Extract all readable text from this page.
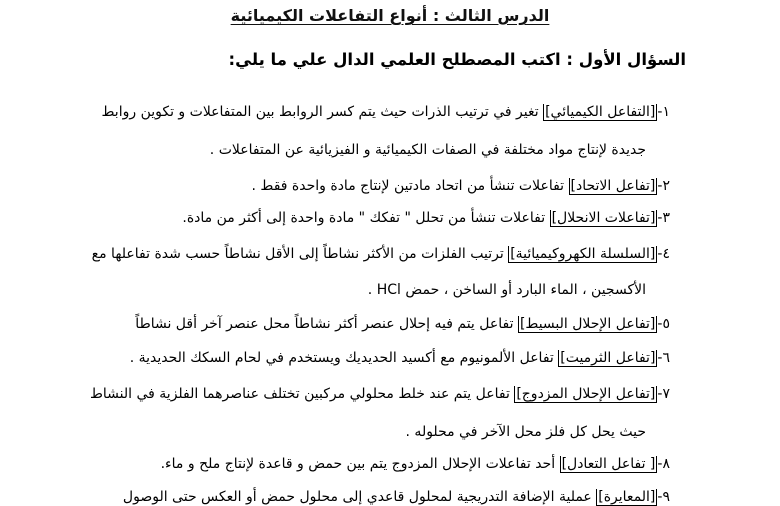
الدرس الثالث : أنواع التفاعلات الكيميائية
السؤال الأول : اكتب المصطلح العلمي الدال علي ما يلي:
١-[التفاعل الكيميائي] تغير في ترتيب الذرات حيث يتم كسر الروابط بين المتفاعلات و تكوين روابط
جديدة لإنتاج مواد مختلفة في الصفات الكيميائية و الفيزيائية عن المتفاعلات .
٢-[تفاعل الاتحاد] تفاعلات تنشأ من اتحاد مادتين لإنتاج مادة واحدة فقط .
٣-[تفاعلات الانحلال] تفاعلات تنشأ من تحلل " تفكك " مادة واحدة إلى أكثر من مادة.
٤-[السلسلة الكهروكيميائية] ترتيب الفلزات من الأكثر نشاطاً إلى الأقل نشاطاً حسب شدة تفاعلها مع
الأكسجين ، الماء البارد أو الساخن ، حمض HCl .
٥-[تفاعل الإحلال البسيط] تفاعل يتم فيه إحلال عنصر أكثر نشاطاً محل عنصر آخر أقل نشاطاً
٦-[تفاعل الثرميت] تفاعل الألمونيوم مع أكسيد الحديديك ويستخدم في لحام السكك الحديدية .
٧-[تفاعل الإحلال المزدوج] تفاعل يتم عند خلط محلولي مركبين تختلف عناصرهما الفلزية في النشاط
حيث يحل كل فلز محل الآخر في محلوله .
٨-[ تفاعل التعادل] أحد تفاعلات الإحلال المزدوج يتم بين حمض و قاعدة لإنتاج ملح و ماء.
٩-[المعايرة] عملية الإضافة التدريجية لمحلول قاعدي إلى محلول حمض أو العكس حتى الوصول
